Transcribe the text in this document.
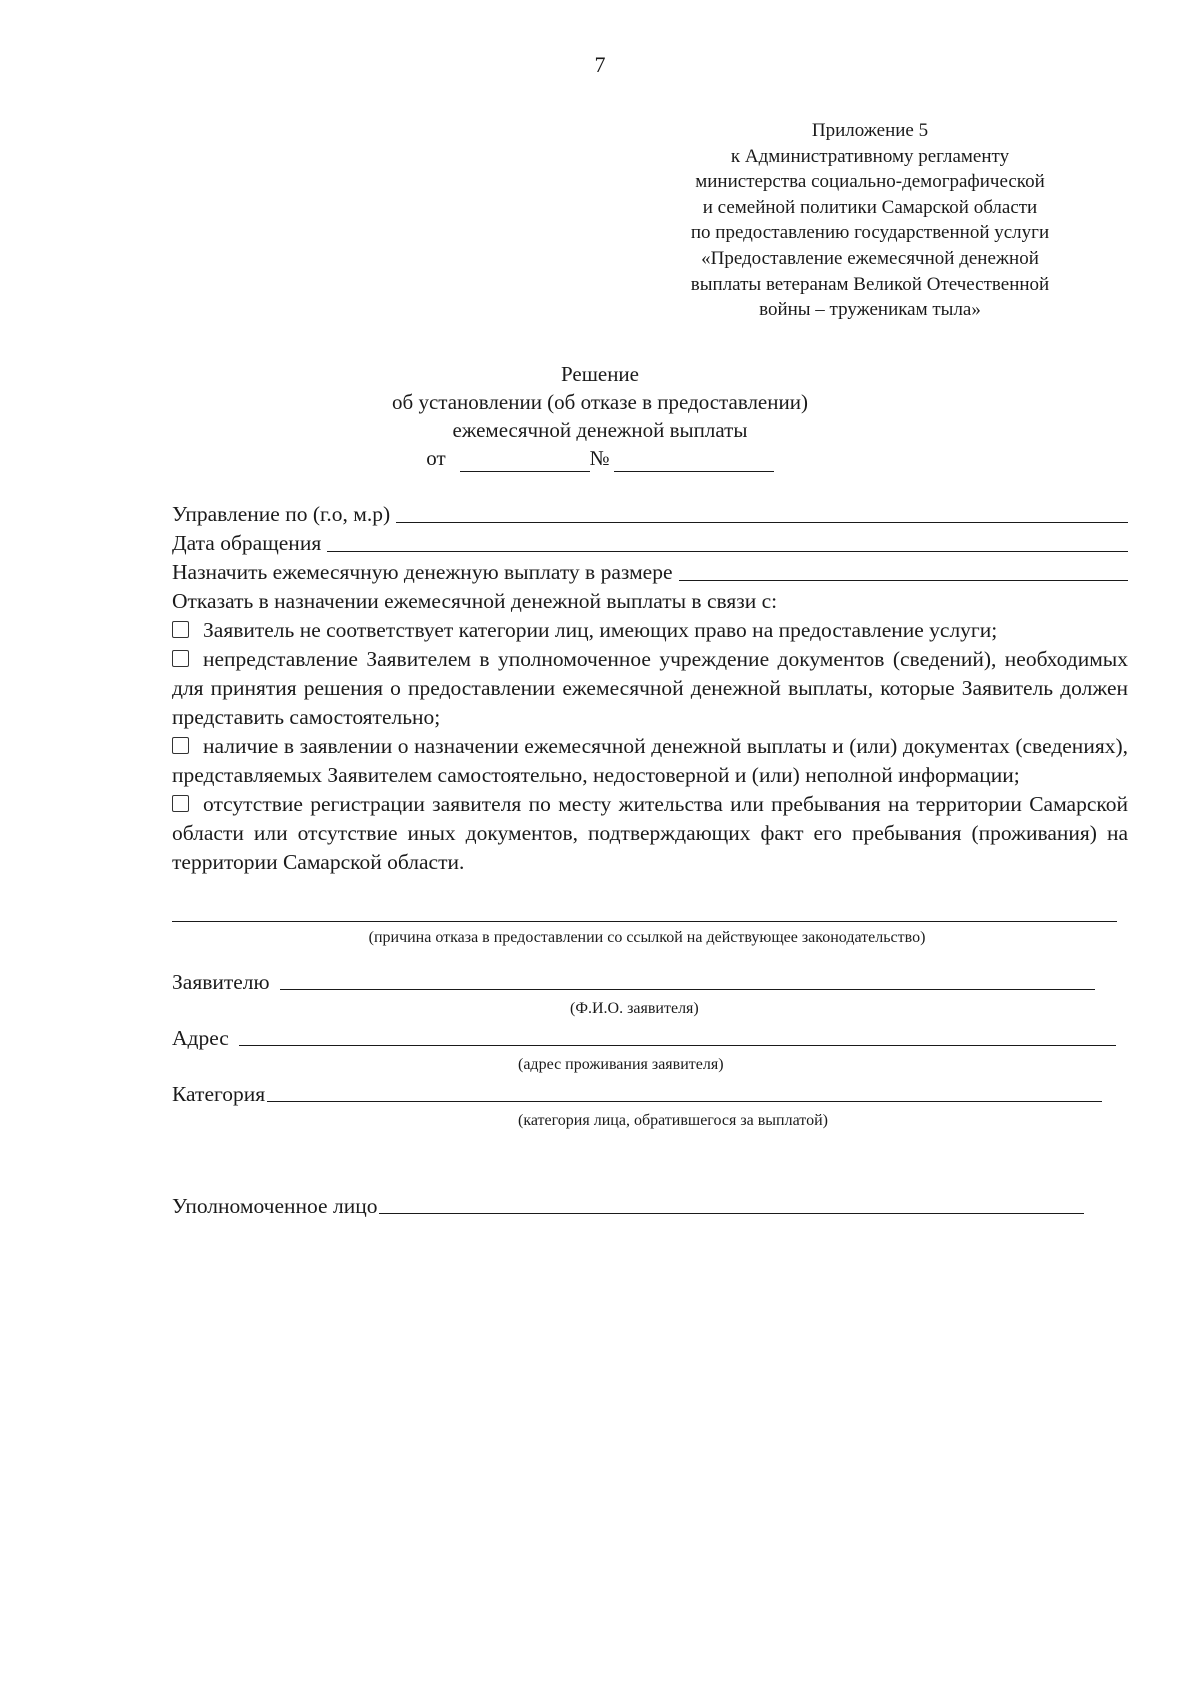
7
Приложение 5
к Административному регламенту
министерства социально-демографической
и семейной политики Самарской области
по предоставлению государственной услуги
«Предоставление ежемесячной денежной
выплаты ветеранам Великой Отечественной
войны – труженикам тыла»
Решение
об установлении (об отказе в предоставлении)
ежемесячной денежной выплаты
от	№
Управление по (г.о, м.р)
Дата обращения
Назначить ежемесячную денежную выплату в размере
Отказать в назначении ежемесячной денежной выплаты в связи с:
Заявитель не соответствует категории лиц, имеющих право на предоставление услуги;
непредставление Заявителем в уполномоченное учреждение документов (сведений), необходимых для принятия решения о предоставлении ежемесячной денежной выплаты, которые Заявитель должен представить самостоятельно;
наличие в заявлении о назначении ежемесячной денежной выплаты и (или) документах (сведениях), представляемых Заявителем самостоятельно, недостоверной и (или) неполной информации;
отсутствие регистрации заявителя по месту жительства или пребывания на территории Самарской области или отсутствие иных документов, подтверждающих факт его пребывания (проживания) на территории Самарской области.
(причина отказа в предоставлении со ссылкой на действующее законодательство)
Заявителю
(Ф.И.О. заявителя)
Адрес
(адрес проживания заявителя)
Категория
(категория лица, обратившегося за выплатой)
Уполномоченное лицо
